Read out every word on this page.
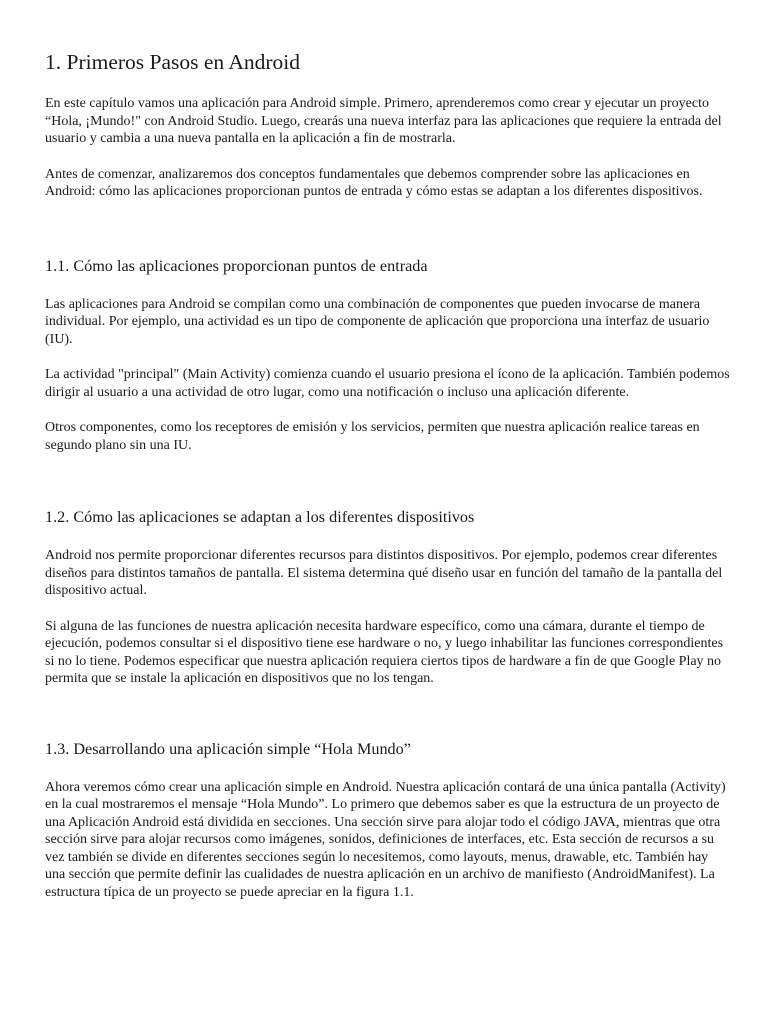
1. Primeros Pasos en Android

En este capítulo vamos una aplicación para Android simple. Primero, aprenderemos como crear y ejecutar un proyecto “Hola, ¡Mundo!" con Android Studio. Luego, crearás una nueva interfaz para las aplicaciones que requiere la entrada del usuario y cambia a una nueva pantalla en la aplicación a fin de mostrarla.

Antes de comenzar, analizaremos dos conceptos fundamentales que debemos comprender sobre las aplicaciones en Android: cómo las aplicaciones proporcionan puntos de entrada y cómo estas se adaptan a los diferentes dispositivos.

1.1. Cómo las aplicaciones proporcionan puntos de entrada

Las aplicaciones para Android se compilan como una combinación de componentes que pueden invocarse de manera individual. Por ejemplo, una actividad es un tipo de componente de aplicación que proporciona una interfaz de usuario (IU).

La actividad "principal" (Main Activity) comienza cuando el usuario presiona el ícono de la aplicación. También podemos dirigir al usuario a una actividad de otro lugar, como una notificación o incluso una aplicación diferente.

Otros componentes, como los receptores de emisión y los servicios, permiten que nuestra aplicación realice tareas en segundo plano sin una IU.

1.2. Cómo las aplicaciones se adaptan a los diferentes dispositivos

Android nos permite proporcionar diferentes recursos para distintos dispositivos. Por ejemplo, podemos crear diferentes diseños para distintos tamaños de pantalla. El sistema determina qué diseño usar en función del tamaño de la pantalla del dispositivo actual.

Si alguna de las funciones de nuestra aplicación necesita hardware específico, como una cámara, durante el tiempo de ejecución, podemos consultar si el dispositivo tiene ese hardware o no, y luego inhabilitar las funciones correspondientes si no lo tiene. Podemos especificar que nuestra aplicación requiera ciertos tipos de hardware a fin de que Google Play no permita que se instale la aplicación en dispositivos que no los tengan.

1.3. Desarrollando una aplicación simple “Hola Mundo”

Ahora veremos cómo crear una aplicación simple en Android. Nuestra aplicación contará de una única pantalla (Activity) en la cual mostraremos el mensaje “Hola Mundo”. Lo primero que debemos saber es que la estructura de un proyecto de una Aplicación Android está dividida en secciones. Una sección sirve para alojar todo el código JAVA, mientras que otra sección sirve para alojar recursos como imágenes, sonidos, definiciones de interfaces, etc. Esta sección de recursos a su vez también se divide en diferentes secciones según lo necesitemos, como layouts, menus, drawable, etc. También hay una sección que permite definir las cualidades de nuestra aplicación en un archivo de manifiesto (AndroidManifest). La estructura típica de un proyecto se puede apreciar en la figura 1.1.
